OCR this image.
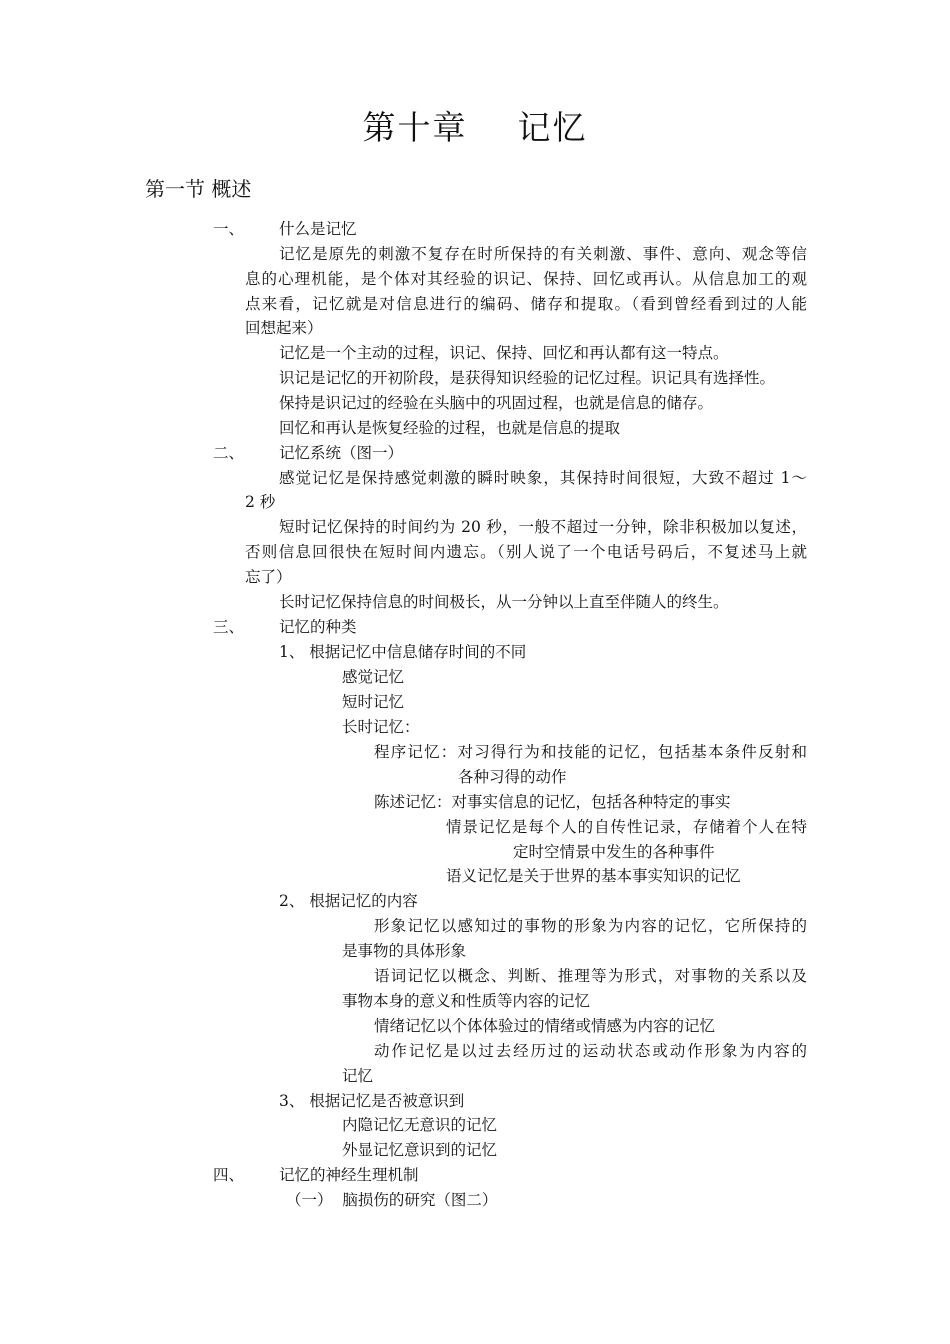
第十章    记忆
第一节 概述
一、 什么是记忆
记忆是原先的刺激不复存在时所保持的有关刺激、事件、意向、观念等信
息的心理机能，是个体对其经验的识记、保持、回忆或再认。从信息加工的观
点来看，记忆就是对信息进行的编码、储存和提取。（看到曾经看到过的人能
回想起来）
记忆是一个主动的过程，识记、保持、回忆和再认都有这一特点。
识记是记忆的开初阶段，是获得知识经验的记忆过程。识记具有选择性。
保持是识记过的经验在头脑中的巩固过程，也就是信息的储存。
回忆和再认是恢复经验的过程，也就是信息的提取
二、 记忆系统（图一）
感觉记忆是保持感觉刺激的瞬时映象，其保持时间很短，大致不超过 1～
2 秒
短时记忆保持的时间约为 20 秒，一般不超过一分钟，除非积极加以复述，
否则信息回很快在短时间内遗忘。（别人说了一个电话号码后，不复述马上就
忘了）
长时记忆保持信息的时间极长，从一分钟以上直至伴随人的终生。
三、 记忆的种类
1、 根据记忆中信息储存时间的不同
感觉记忆
短时记忆
长时记忆：
程序记忆：对习得行为和技能的记忆，包括基本条件反射和
各种习得的动作
陈述记忆：对事实信息的记忆，包括各种特定的事实
情景记忆是每个人的自传性记录，存储着个人在特
定时空情景中发生的各种事件
语义记忆是关于世界的基本事实知识的记忆
2、 根据记忆的内容
形象记忆以感知过的事物的形象为内容的记忆，它所保持的
是事物的具体形象
语词记忆以概念、判断、推理等为形式，对事物的关系以及
事物本身的意义和性质等内容的记忆
情绪记忆以个体体验过的情绪或情感为内容的记忆
动作记忆是以过去经历过的运动状态或动作形象为内容的
记忆
3、 根据记忆是否被意识到
内隐记忆无意识的记忆
外显记忆意识到的记忆
四、 记忆的神经生理机制
（一）  脑损伤的研究（图二）
